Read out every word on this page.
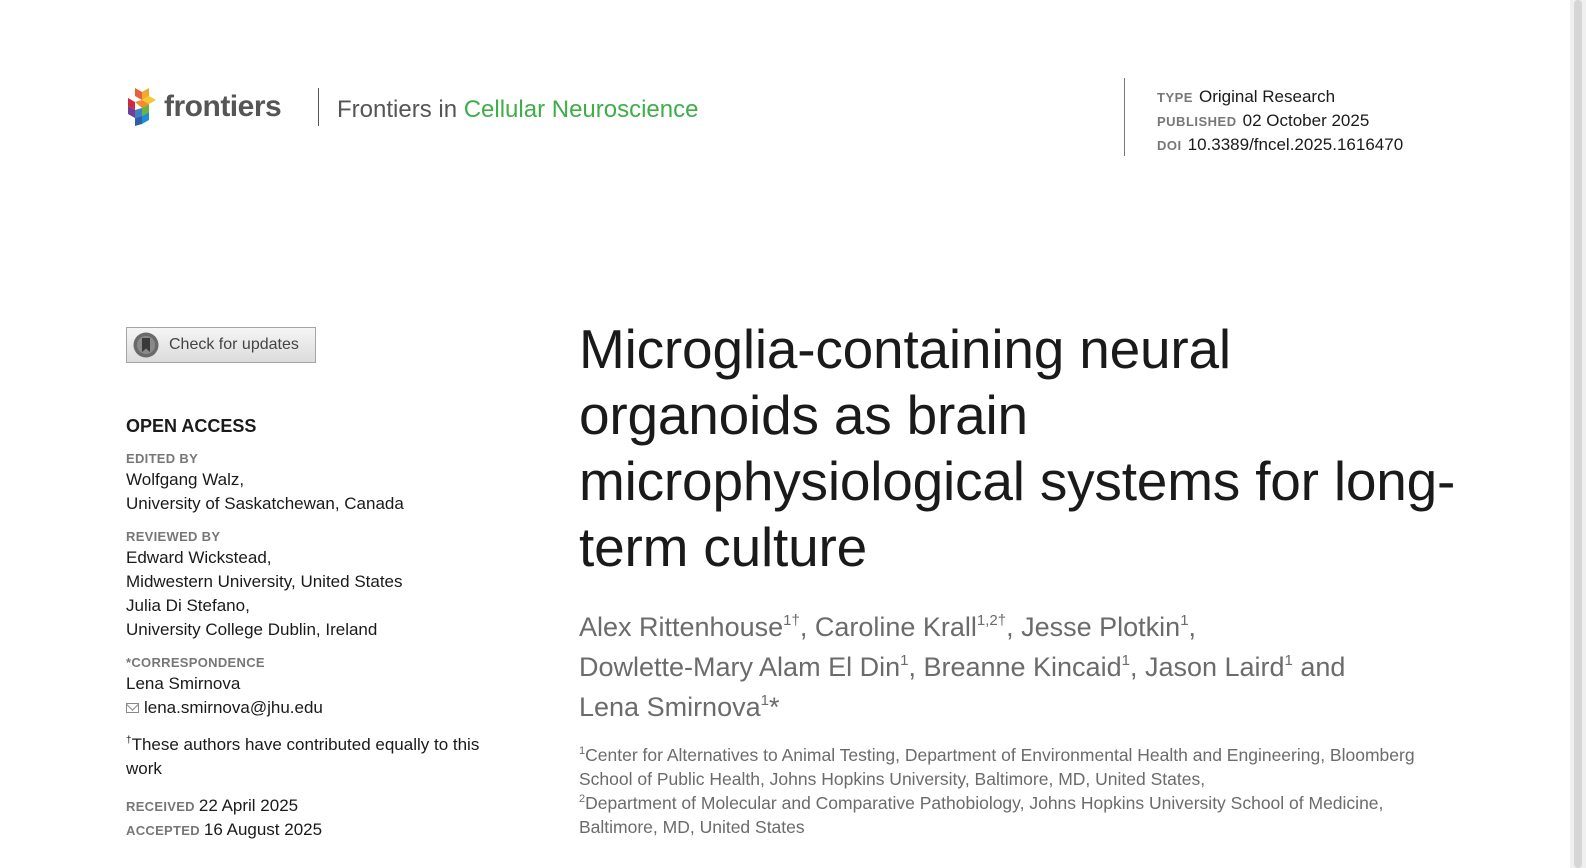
frontiers Frontiers in Cellular Neuroscience	TYPE Original Research
PUBLISHED 02 October 2025
DOI 10.3389/fncel.2025.1616470
Check for updates
OPEN ACCESS
EDITED BY
Wolfgang Walz,
University of Saskatchewan, Canada
REVIEWED BY
Edward Wickstead,
Midwestern University, United States
Julia Di Stefano,
University College Dublin, Ireland
*CORRESPONDENCE
Lena Smirnova
lena.smirnova@jhu.edu
†These authors have contributed equally to this work
RECEIVED 22 April 2025
ACCEPTED 16 August 2025
Microglia-containing neural organoids as brain microphysiological systems for long-term culture
Alex Rittenhouse$^{1\dagger}$, Caroline Krall$^{1,2\dagger}$, Jesse Plotkin$^1$,
Dowlette-Mary Alam El Din$^1$, Breanne Kincaid$^1$, Jason Laird$^1$ and
Lena Smirnova$^1$*
$^1$Center for Alternatives to Animal Testing, Department of Environmental Health and Engineering, Bloomberg School of Public Health, Johns Hopkins University, Baltimore, MD, United States,
$^2$Department of Molecular and Comparative Pathobiology, Johns Hopkins University School of Medicine, Baltimore, MD, United States
